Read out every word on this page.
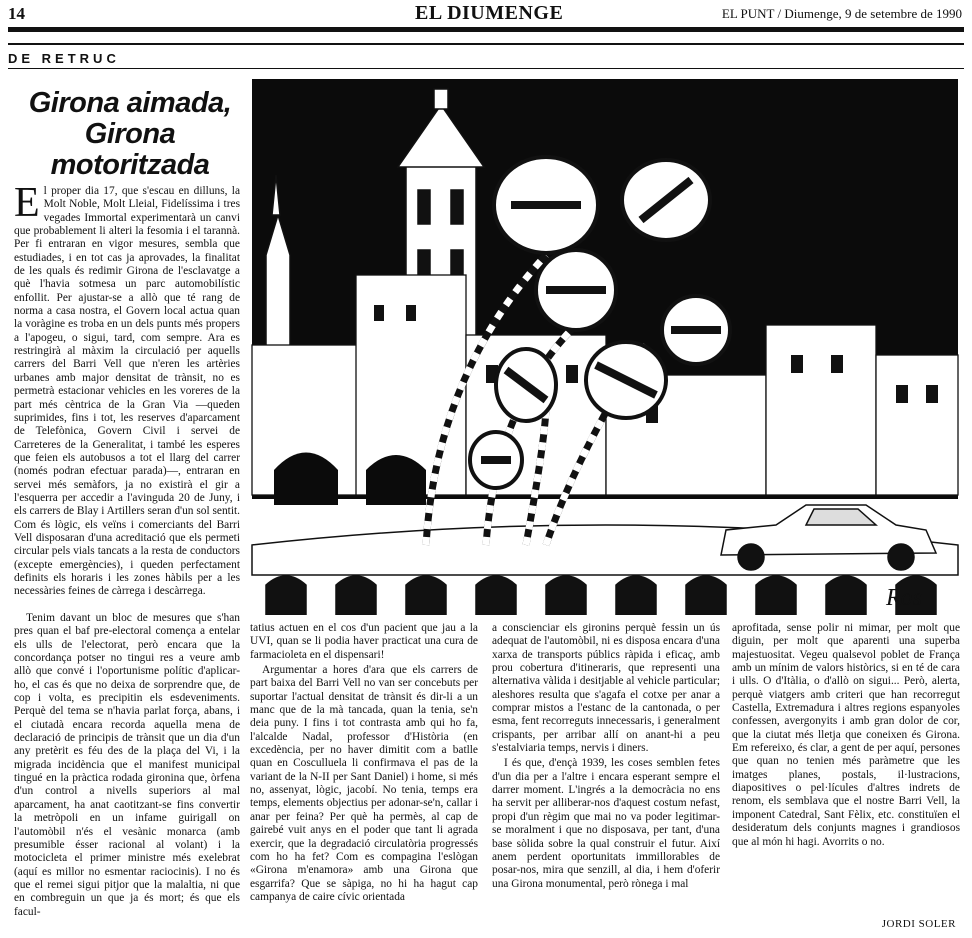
14	EL DIUMENGE	EL PUNT / Diumenge, 9 de setembre de 1990
DE RETRUC
Girona aimada, Girona motoritzada
Ros

El proper dia 17, que s'escau en dilluns, la Molt Noble, Molt Lleial, Fidelíssima i tres vegades Immortal experimentarà un canvi que probablement li alteri la fesomia i el tarannà. Per fi entraran en vigor mesures, sembla que estudiades, i en tot cas ja aprovades, la finalitat de les quals és redimir Girona de l'esclavatge a què l'havia sotmesa un parc automobilístic enfollit. Per ajustar-se a allò que té rang de norma a casa nostra, el Govern local actua quan la voràgine es troba en un dels punts més propers a l'apogeu, o sigui, tard, com sempre. Ara es restringirà al màxim la circulació per aquells carrers del Barri Vell que n'eren les artèries urbanes amb major densitat de trànsit, no es permetrà estacionar vehicles en les voreres de la part més cèntrica de la Gran Via —queden suprimides, fins i tot, les reserves d'aparcament de Telefònica, Govern Civil i servei de Carreteres de la Generalitat, i també les esperes que feien els autobusos a tot el llarg del carrer (només podran efectuar parada)—, entraran en servei més semàfors, ja no existirà el gir a l'esquerra per accedir a l'avinguda 20 de Juny, i els carrers de Blay i Artillers seran d'un sol sentit. Com és lògic, els veïns i comerciants del Barri Vell disposaran d'una acreditació que els permeti circular pels vials tancats a la resta de conductors (excepte emergències), i queden perfectament definits els horaris i les zones hàbils per a les necessàries feines de càrrega i descàrrega.

Tenim davant un bloc de mesures que s'han pres quan el baf pre-electoral comença a entelar els ulls de l'electorat, però encara que la concordança potser no tingui res a veure amb allò que convé i l'oportunisme polític d'aplicar-ho, el cas és que no deixa de sorprendre que, de cop i volta, es precipitin els esdeveniments. Perquè del tema se n'havia parlat força, abans, i el ciutadà encara recorda aquella mena de declaració de principis de trànsit que un dia d'un any pretèrit es féu des de la plaça del Vi, i la migrada incidència que el manifest municipal tingué en la pràctica rodada gironina que, òrfena d'un control a nivells superiors al mal aparcament, ha anat caotitzant-se fins convertir la metròpoli en un infame guirigall on l'automòbil n'és el vesànic monarca (amb presumible ésser racional al volant) i la motocicleta el primer ministre més exelebrat (aquí es millor no esmentar raciocinis). I no és que el remei sigui pitjor que la malaltia, ni que en combreguin un que ja és mort; és que els facul-

tatius actuen en el cos d'un pacient que jau a la UVI, quan se li podia haver practicat una cura de farmacioleta en el dispensari!

Argumentar a hores d'ara que els carrers de part baixa del Barri Vell no van ser concebuts per suportar l'actual densitat de trànsit és dir-li a un manc que de la mà tancada, quan la tenia, se'n deia puny. I fins i tot contrasta amb qui ho fa, l'alcalde Nadal, professor d'Història (en excedència, per no haver dimitit com a batlle quan en Cosculluela li confirmava el pas de la variant de la N-II per Sant Daniel) i home, si més no, assenyat, lògic, jacobí. No tenia, temps era temps, elements objectius per adonar-se'n, callar i anar per feina? Per què ha permès, al cap de gairebé vuit anys en el poder que tant li agrada exercir, que la degradació circulatòria progressés com ho ha fet? Com es compagina l'eslògan «Girona m'enamora» amb una Girona que esgarrifa? Que se sàpiga, no hi ha hagut cap campanya de caire cívic orientada

a conscienciar els gironins perquè fessin un ús adequat de l'automòbil, ni es disposa encara d'una xarxa de transports públics ràpida i eficaç, amb prou cobertura d'itineraris, que representi una alternativa vàlida i desitjable al vehicle particular; aleshores resulta que s'agafa el cotxe per anar a comprar mistos a l'estanc de la cantonada, o per esma, fent recorreguts innecessaris, i generalment crispants, per arribar allí on anant-hi a peu s'estalviaria temps, nervis i diners.

I és que, d'ençà 1939, les coses semblen fetes d'un dia per a l'altre i encara esperant sempre el darrer moment. L'ingrés a la democràcia no ens ha servit per alliberar-nos d'aquest costum nefast, propi d'un règim que mai no va poder legitimar-se moralment i que no disposava, per tant, d'una base sòlida sobre la qual construir el futur. Així anem perdent oportunitats immillorables de posar-nos, mira que senzill, al dia, i hem d'oferir una Girona monumental, però rònega i mal

aprofitada, sense polir ni mimar, per molt que diguin, per molt que aparenti una superba majestuositat. Vegeu qualsevol poblet de França amb un mínim de valors històrics, si en té de cara i ulls. O d'Itàlia, o d'allò on sigui... Però, alerta, perquè viatgers amb criteri que han recorregut Castella, Extremadura i altres regions espanyoles confessen, avergonyits i amb gran dolor de cor, que la ciutat més lletja que coneixen és Girona. Em refereixo, és clar, a gent de per aquí, persones que quan no tenien més paràmetre que les imatges planes, postals, il·lustracions, diapositives o pel·lícules d'altres indrets de renom, els semblava que el nostre Barri Vell, la imponent Catedral, Sant Fèlix, etc. constituïen el desideratum dels conjunts magnes i grandiosos que al món hi hagi. Avorrits o no.

JORDI SOLER
